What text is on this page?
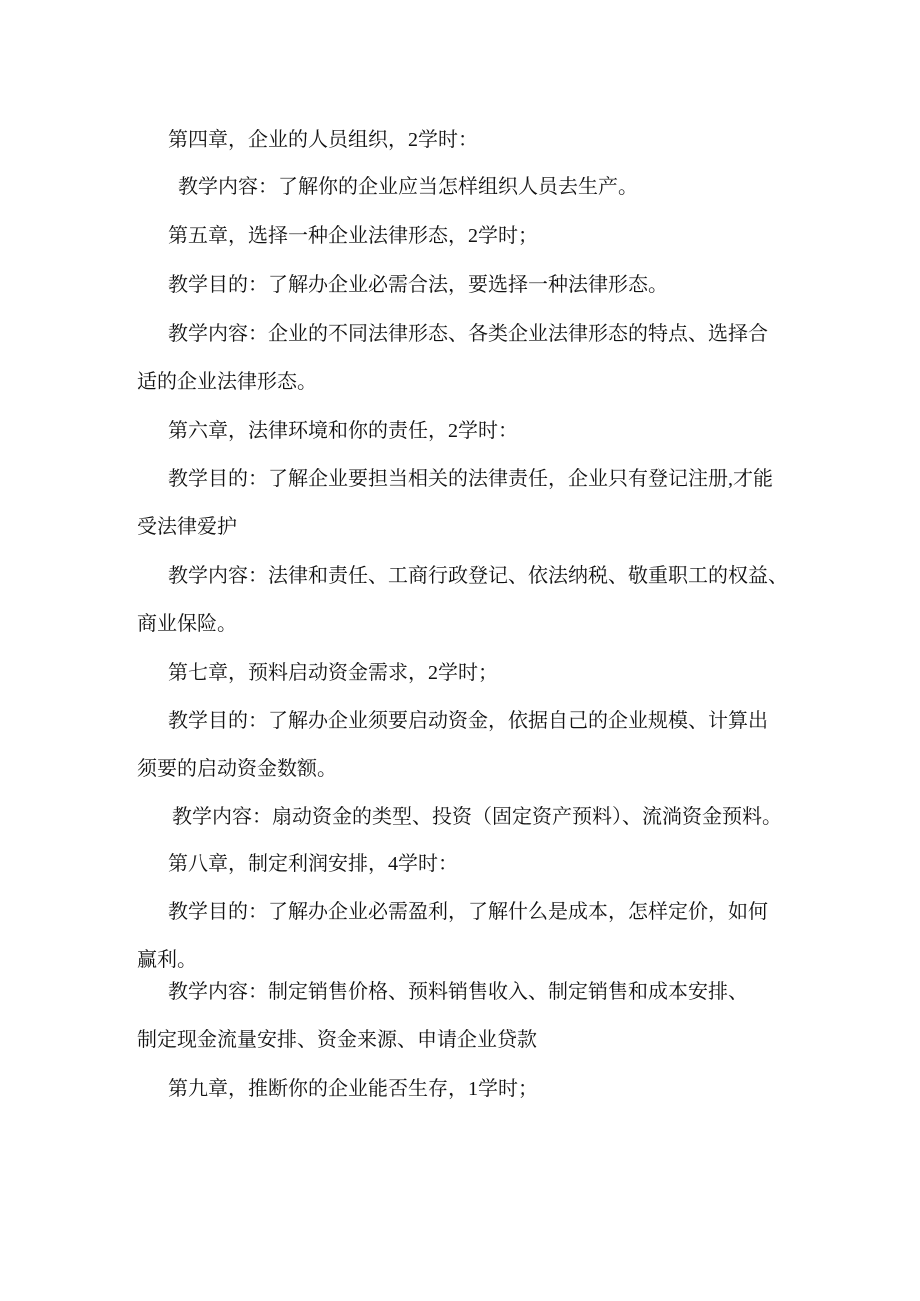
第四章，企业的人员组织，2学时：
教学内容：了解你的企业应当怎样组织人员去生产。
第五章，选择一种企业法律形态，2学时；
教学目的：了解办企业必需合法，要选择一种法律形态。
教学内容：企业的不同法律形态、各类企业法律形态的特点、选择合
适的企业法律形态。
第六章，法律环境和你的责任，2学时：
教学目的：了解企业要担当相关的法律责任，企业只有登记注册,才能
受法律爱护
教学内容：法律和责任、工商行政登记、依法纳税、敬重职工的权益、
商业保险。
第七章，预料启动资金需求，2学时；
教学目的：了解办企业须要启动资金，依据自己的企业规模、计算出
须要的启动资金数额。
教学内容：扇动资金的类型、投资（固定资产预料）、流淌资金预料。
第八章，制定利润安排，4学时：
教学目的：了解办企业必需盈利，了解什么是成本，怎样定价，如何
赢利。
教学内容：制定销售价格、预料销售收入、制定销售和成本安排、
制定现金流量安排、资金来源、申请企业贷款
第九章，推断你的企业能否生存，1学时；
